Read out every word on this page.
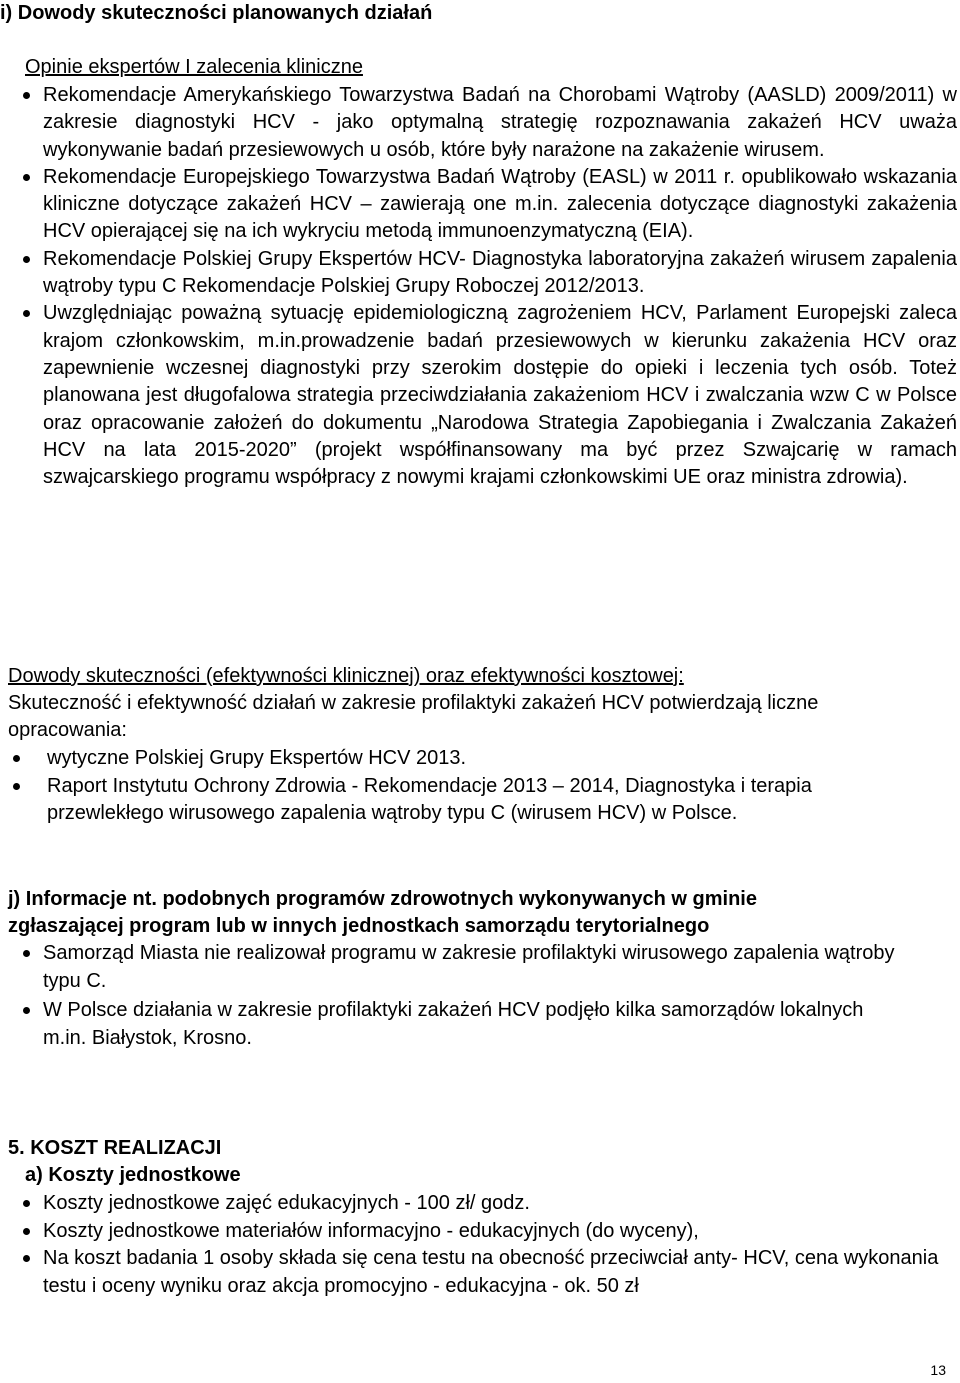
i) Dowody skuteczności planowanych działań
Opinie ekspertów I zalecenia kliniczne
Rekomendacje Amerykańskiego Towarzystwa Badań na Chorobami Wątroby (AASLD) 2009/2011) w zakresie diagnostyki HCV - jako optymalną strategię rozpoznawania zakażeń HCV uważa wykonywanie badań przesiewowych u osób, które były narażone na zakażenie wirusem.
Rekomendacje Europejskiego Towarzystwa Badań Wątroby (EASL) w 2011 r. opublikowało wskazania kliniczne dotyczące zakażeń HCV – zawierają one m.in. zalecenia dotyczące diagnostyki zakażenia HCV opierającej się na ich wykryciu metodą immunoenzymatyczną (EIA).
Rekomendacje Polskiej Grupy Ekspertów HCV- Diagnostyka laboratoryjna zakażeń wirusem zapalenia wątroby typu C Rekomendacje Polskiej Grupy Roboczej 2012/2013.
Uwzględniając poważną sytuację epidemiologiczną zagrożeniem HCV, Parlament Europejski zaleca krajom członkowskim, m.in.prowadzenie badań przesiewowych w kierunku zakażenia HCV oraz zapewnienie wczesnej diagnostyki przy szerokim dostępie do opieki i leczenia tych osób. Toteż planowana jest długofalowa strategia przeciwdziałania zakażeniom HCV i zwalczania wzw C w Polsce oraz opracowanie założeń do dokumentu „Narodowa Strategia Zapobiegania i Zwalczania Zakażeń HCV na lata 2015-2020” (projekt współfinansowany ma być przez Szwajcarię w ramach szwajcarskiego programu współpracy z nowymi krajami członkowskimi UE oraz ministra zdrowia).
Dowody skuteczności (efektywności klinicznej) oraz efektywności kosztowej:
Skuteczność i efektywność działań w zakresie profilaktyki zakażeń HCV potwierdzają liczne opracowania:
wytyczne Polskiej Grupy Ekspertów HCV 2013.
Raport Instytutu Ochrony Zdrowia - Rekomendacje 2013 – 2014, Diagnostyka i terapia przewlekłego wirusowego zapalenia wątroby typu C (wirusem HCV) w Polsce.
j) Informacje nt. podobnych programów zdrowotnych wykonywanych w gminie
zgłaszającej program lub w innych jednostkach samorządu terytorialnego
Samorząd Miasta nie realizował programu w zakresie profilaktyki wirusowego zapalenia wątroby typu C.
W Polsce działania w zakresie profilaktyki zakażeń HCV podjęło kilka samorządów lokalnych m.in. Białystok, Krosno.
5. KOSZT REALIZACJI
a) Koszty jednostkowe
Koszty jednostkowe zajęć edukacyjnych - 100 zł/ godz.
Koszty jednostkowe materiałów informacyjno - edukacyjnych (do wyceny),
Na koszt badania 1 osoby składa się cena testu na obecność przeciwciał anty- HCV, cena wykonania testu i oceny wyniku oraz akcja promocyjno - edukacyjna - ok. 50 zł
13
